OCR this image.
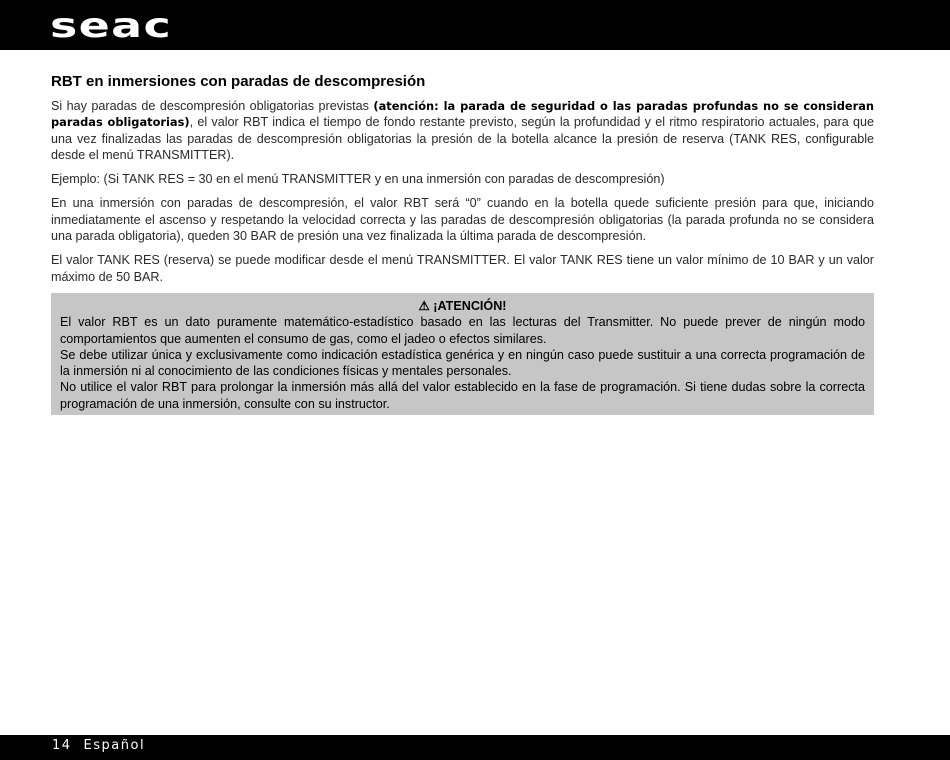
seac
RBT en inmersiones con paradas de descompresión

Si hay paradas de descompresión obligatorias previstas (atención: la parada de seguridad o las paradas profundas no se consideran paradas obligatorias), el valor RBT indica el tiempo de fondo restante previsto, según la profundidad y el ritmo respiratorio actuales, para que una vez finalizadas las paradas de descompresión obligatorias la presión de la botella alcance la presión de reserva (TANK RES, configurable desde el menú TRANSMITTER).

Ejemplo: (Si TANK RES = 30 en el menú TRANSMITTER y en una inmersión con paradas de descompresión)

En una inmersión con paradas de descompresión, el valor RBT será “0” cuando en la botella quede suficiente presión para que, iniciando inmediatamente el ascenso y respetando la velocidad correcta y las paradas de descompresión obligatorias (la parada profunda no se considera una parada obligatoria), queden 30 BAR de presión una vez finalizada la última parada de descompresión.

El valor TANK RES (reserva) se puede modificar desde el menú TRANSMITTER. El valor TANK RES tiene un valor mínimo de 10 BAR y un valor máximo de 50 BAR.

⚠ ¡ATENCIÓN!
El valor RBT es un dato puramente matemático-estadístico basado en las lecturas del Transmitter. No puede prever de ningún modo comportamientos que aumenten el consumo de gas, como el jadeo o efectos similares.
Se debe utilizar única y exclusivamente como indicación estadística genérica y en ningún caso puede sustituir a una correcta programación de la inmersión ni al conocimiento de las condiciones físicas y mentales personales.
No utilice el valor RBT para prolongar la inmersión más allá del valor establecido en la fase de programación. Si tiene dudas sobre la correcta programación de una inmersión, consulte con su instructor.
14 Español
